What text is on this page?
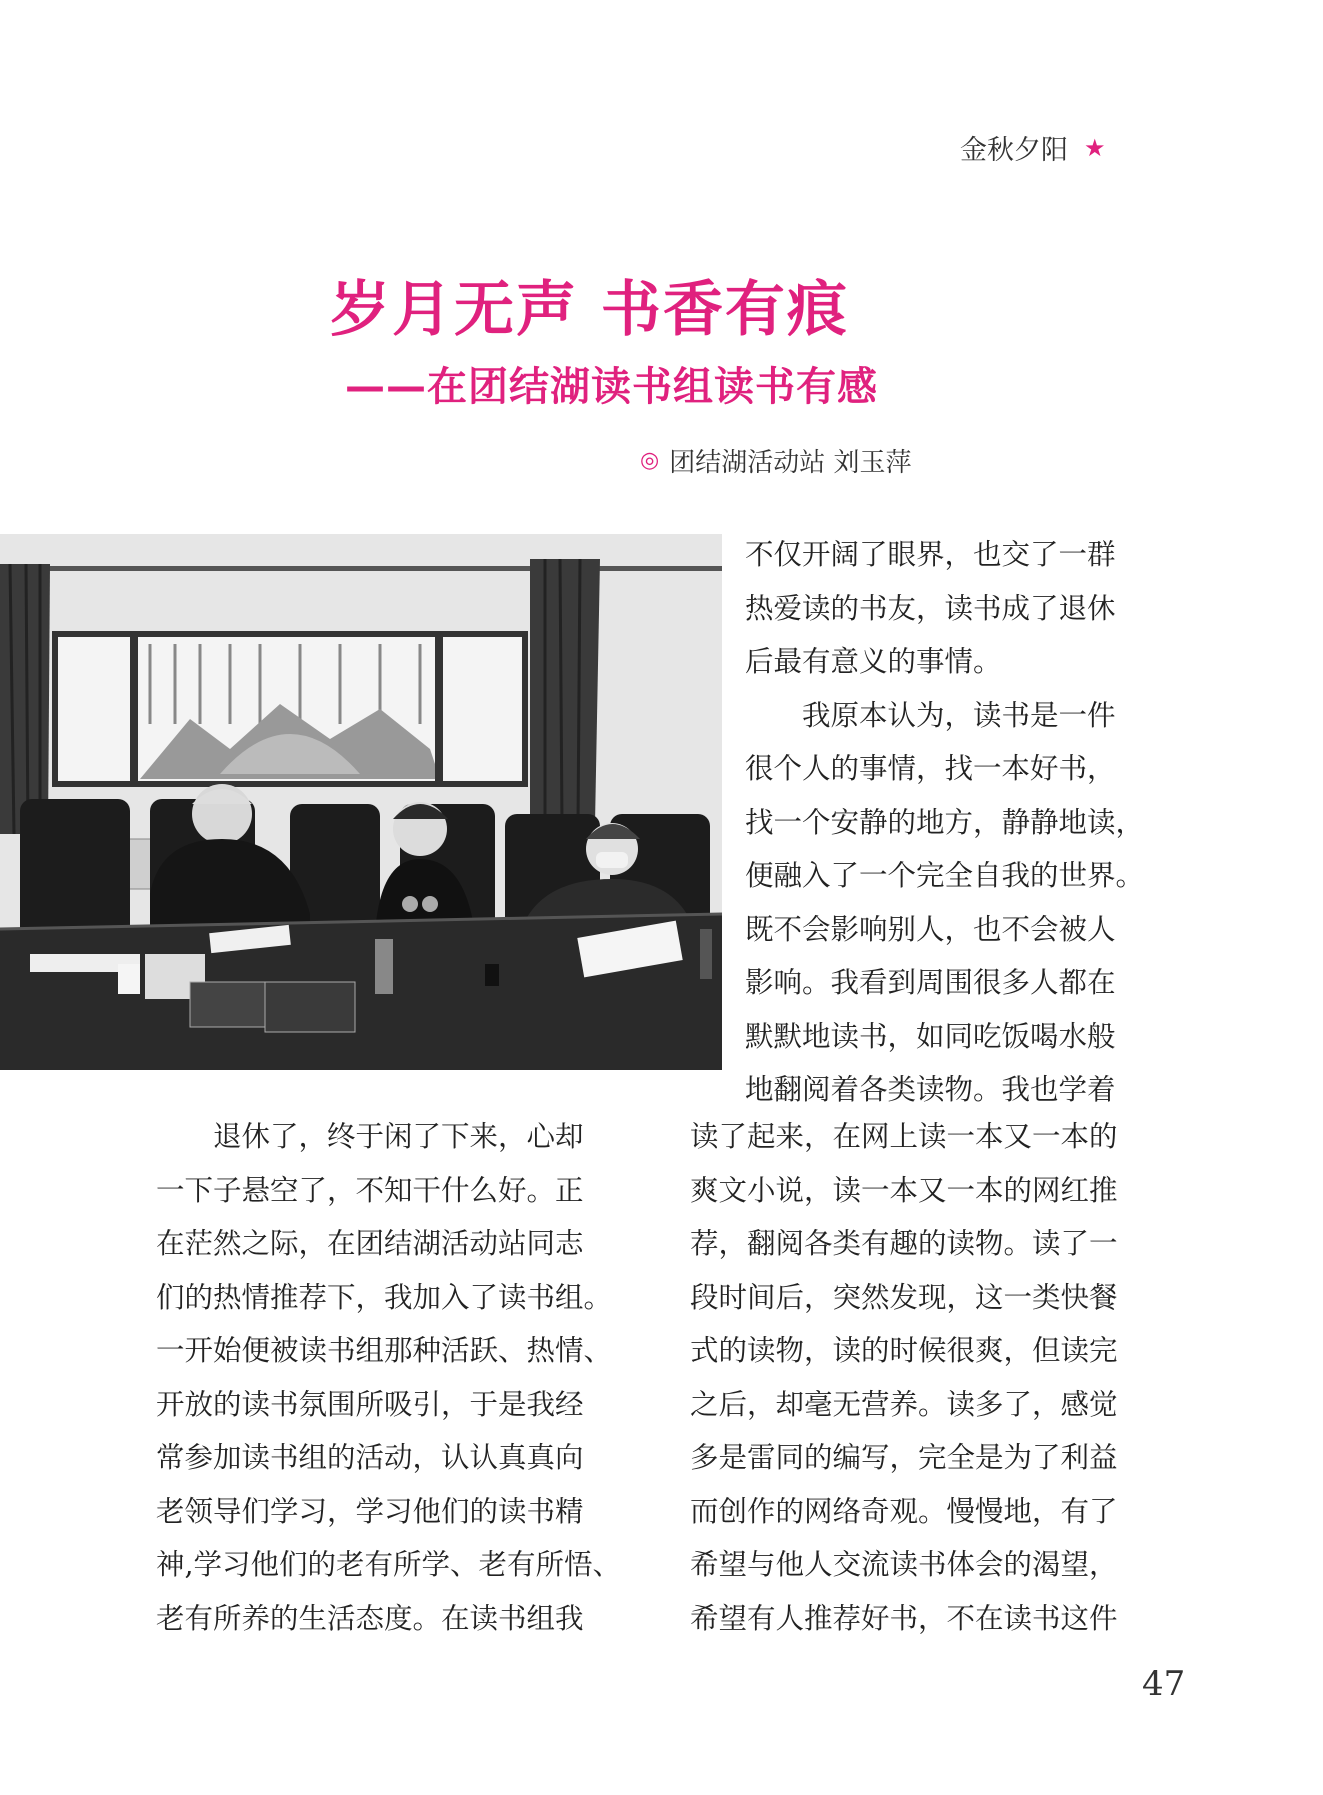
金秋夕阳 ★
岁月无声 书香有痕
——在团结湖读书组读书有感
◎ 团结湖活动站 刘玉萍

不仅开阔了眼界，也交了一群

热爱读的书友，读书成了退休

后最有意义的事情。

　　我原本认为，读书是一件

很个人的事情，找一本好书，

找一个安静的地方，静静地读，

便融入了一个完全自我的世界。

既不会影响别人，也不会被人

影响。我看到周围很多人都在

默默地读书，如同吃饭喝水般

地翻阅着各类读物。我也学着

　　退休了，终于闲了下来，心却

一下子悬空了，不知干什么好。正

在茫然之际，在团结湖活动站同志

们的热情推荐下，我加入了读书组。

一开始便被读书组那种活跃、热情、

开放的读书氛围所吸引，于是我经

常参加读书组的活动，认认真真向

老领导们学习，学习他们的读书精

神,学习他们的老有所学、老有所悟、

老有所养的生活态度。在读书组我

读了起来，在网上读一本又一本的

爽文小说，读一本又一本的网红推

荐，翻阅各类有趣的读物。读了一

段时间后，突然发现，这一类快餐

式的读物，读的时候很爽，但读完

之后，却毫无营养。读多了，感觉

多是雷同的编写，完全是为了利益

而创作的网络奇观。慢慢地，有了

希望与他人交流读书体会的渴望，

希望有人推荐好书，不在读书这件

47
